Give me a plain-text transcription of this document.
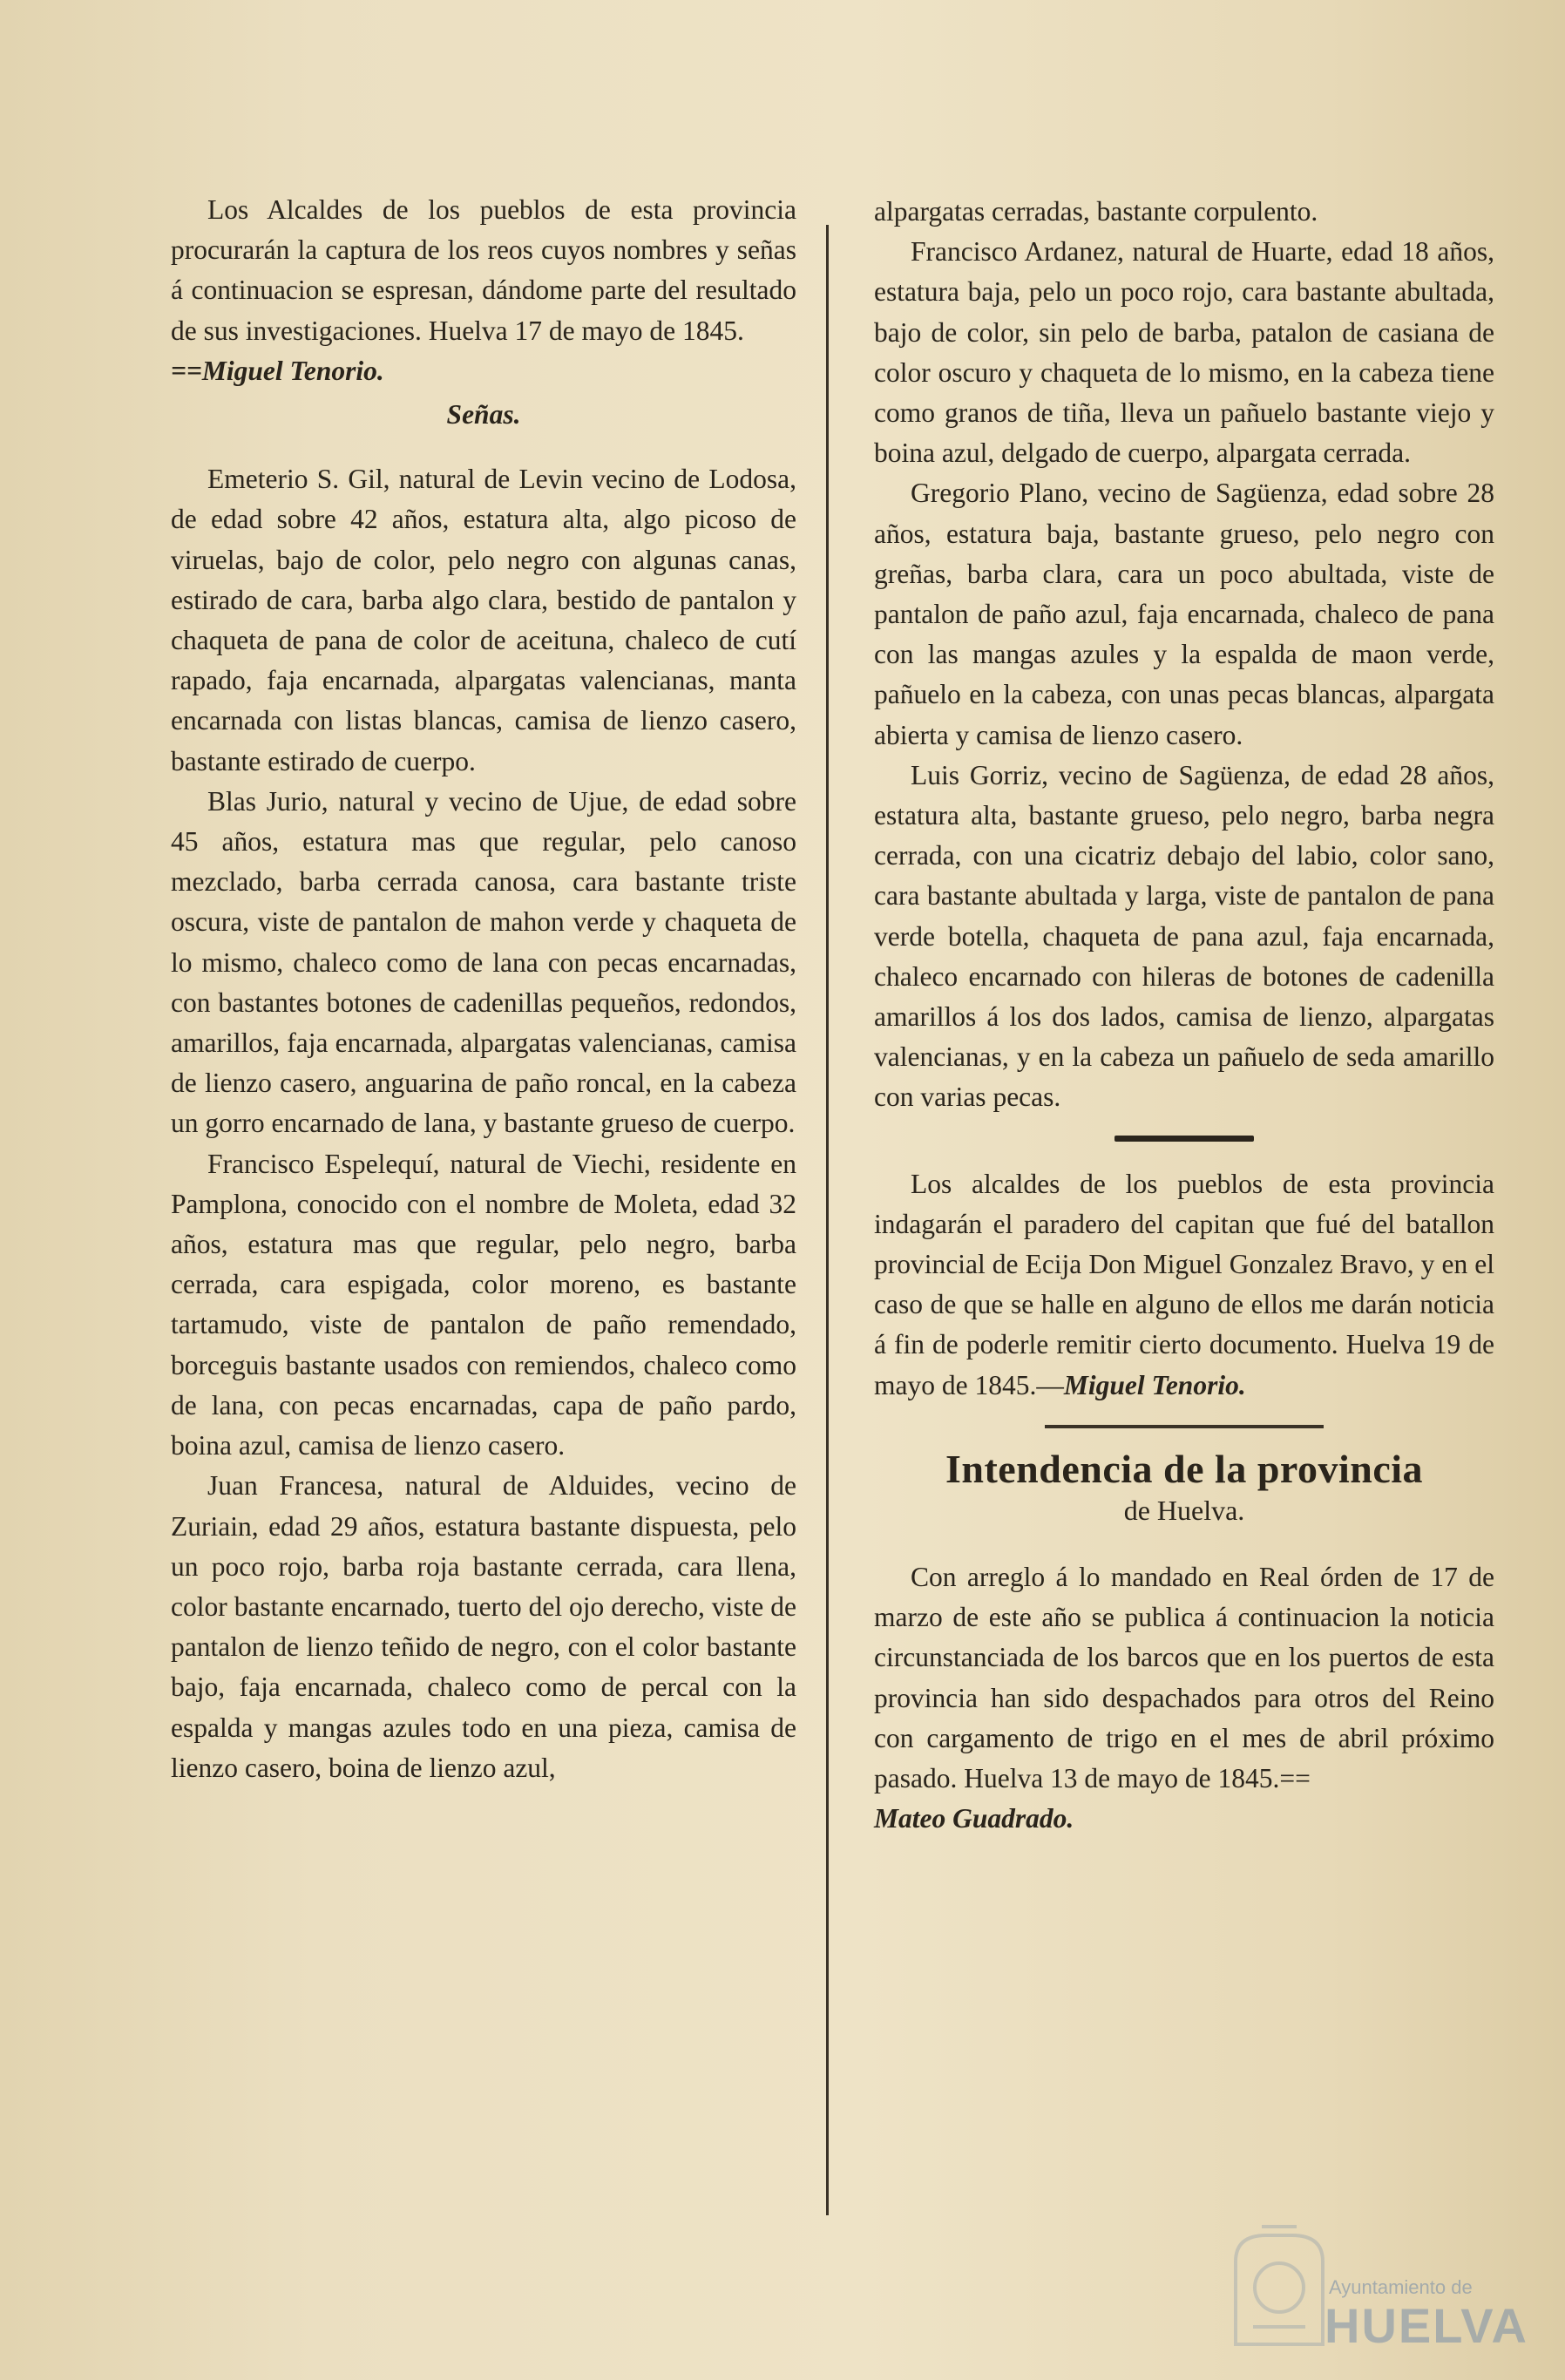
Los Alcaldes de los pueblos de esta provincia procurarán la captura de los reos cuyos nombres y señas á continuacion se espresan, dándome parte del resultado de sus investigaciones. Huelva 17 de mayo de 1845.

==Miguel Tenorio.

Señas.

Emeterio S. Gil, natural de Levin vecino de Lodosa, de edad sobre 42 años, estatura alta, algo picoso de viruelas, bajo de color, pelo negro con algunas canas, estirado de cara, barba algo clara, bestido de pantalon y chaqueta de pana de color de aceituna, chaleco de cutí rapado, faja encarnada, alpargatas valencianas, manta encarnada con listas blancas, camisa de lienzo casero, bastante estirado de cuerpo.

Blas Jurio, natural y vecino de Ujue, de edad sobre 45 años, estatura mas que regular, pelo canoso mezclado, barba cerrada canosa, cara bastante triste oscura, viste de pantalon de mahon verde y chaqueta de lo mismo, chaleco como de lana con pecas encarnadas, con bastantes botones de cadenillas pequeños, redondos, amarillos, faja encarnada, alpargatas valencianas, camisa de lienzo casero, anguarina de paño roncal, en la cabeza un gorro encarnado de lana, y bastante grueso de cuerpo.

Francisco Espelequí, natural de Viechi, residente en Pamplona, conocido con el nombre de Moleta, edad 32 años, estatura mas que regular, pelo negro, barba cerrada, cara espigada, color moreno, es bastante tartamudo, viste de pantalon de paño remendado, borceguis bastante usados con remiendos, chaleco como de lana, con pecas encarnadas, capa de paño pardo, boina azul, camisa de lienzo casero.

Juan Francesa, natural de Alduides, vecino de Zuriain, edad 29 años, estatura bastante dispuesta, pelo un poco rojo, barba roja bastante cerrada, cara llena, color bastante encarnado, tuerto del ojo derecho, viste de pantalon de lienzo teñido de negro, con el color bastante bajo, faja encarnada, chaleco como de percal con la espalda y mangas azules todo en una pieza, camisa de lienzo casero, boina de lienzo azul,

alpargatas cerradas, bastante corpulento.

Francisco Ardanez, natural de Huarte, edad 18 años, estatura baja, pelo un poco rojo, cara bastante abultada, bajo de color, sin pelo de barba, patalon de casiana de color oscuro y chaqueta de lo mismo, en la cabeza tiene como granos de tiña, lleva un pañuelo bastante viejo y boina azul, delgado de cuerpo, alpargata cerrada.

Gregorio Plano, vecino de Sagüenza, edad sobre 28 años, estatura baja, bastante grueso, pelo negro con greñas, barba clara, cara un poco abultada, viste de pantalon de paño azul, faja encarnada, chaleco de pana con las mangas azules y la espalda de maon verde, pañuelo en la cabeza, con unas pecas blancas, alpargata abierta y camisa de lienzo casero.

Luis Gorriz, vecino de Sagüenza, de edad 28 años, estatura alta, bastante grueso, pelo negro, barba negra cerrada, con una cicatriz debajo del labio, color sano, cara bastante abultada y larga, viste de pantalon de pana verde botella, chaqueta de pana azul, faja encarnada, chaleco encarnado con hileras de botones de cadenilla amarillos á los dos lados, camisa de lienzo, alpargatas valencianas, y en la cabeza un pañuelo de seda amarillo con varias pecas.

Los alcaldes de los pueblos de esta provincia indagarán el paradero del capitan que fué del batallon provincial de Ecija Don Miguel Gonzalez Bravo, y en el caso de que se halle en alguno de ellos me darán noticia á fin de poderle remitir cierto documento. Huelva 19 de mayo de 1845.—Miguel Tenorio.

Intendencia de la provincia
de Huelva.

Con arreglo á lo mandado en Real órden de 17 de marzo de este año se publica á continuacion la noticia circunstanciada de los barcos que en los puertos de esta provincia han sido despachados para otros del Reino con cargamento de trigo en el mes de abril próximo pasado. Huelva 13 de mayo de 1845.==

Mateo Guadrado.

Ayuntamiento de
HUELVA
